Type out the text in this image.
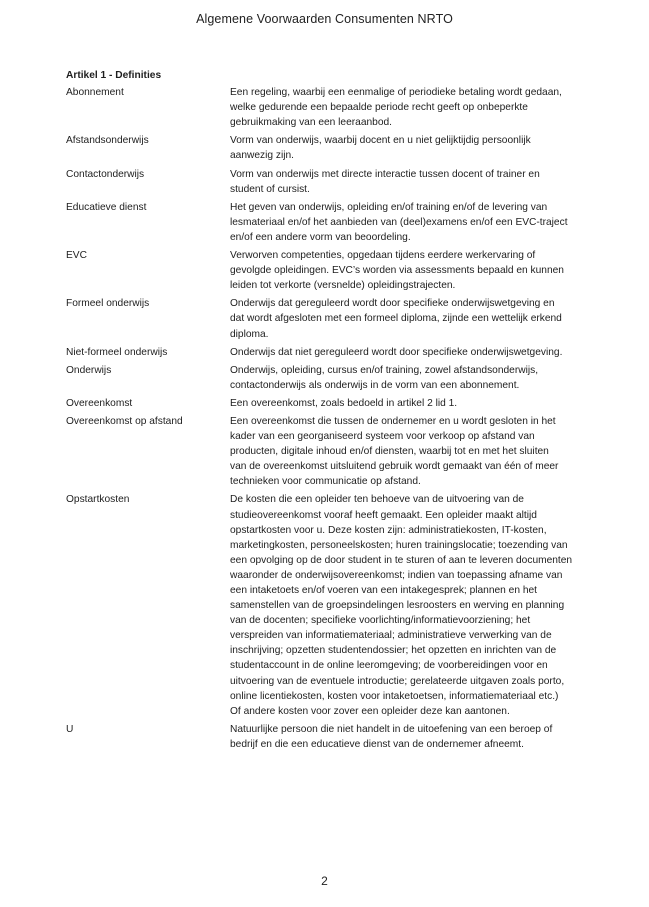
Algemene Voorwaarden Consumenten NRTO
Artikel 1 - Definities
Abonnement	Een regeling, waarbij een eenmalige of periodieke betaling wordt gedaan,
welke gedurende een bepaalde periode recht geeft op onbeperkte
gebruikmaking van een leeraanbod.
Afstandsonderwijs	Vorm van onderwijs, waarbij docent en u niet gelijktijdig persoonlijk
aanwezig zijn.
Contactonderwijs	Vorm van onderwijs met directe interactie tussen docent of trainer en
student of cursist.
Educatieve dienst	Het geven van onderwijs, opleiding en/of training en/of de levering van
lesmateriaal en/of het aanbieden van (deel)examens en/of een EVC-traject
en/of een andere vorm van beoordeling.
EVC	Verworven competenties, opgedaan tijdens eerdere werkervaring of
gevolgde opleidingen. EVC’s worden via assessments bepaald en kunnen
leiden tot verkorte (versnelde) opleidingstrajecten.
Formeel onderwijs	Onderwijs dat gereguleerd wordt door specifieke onderwijswetgeving en
dat wordt afgesloten met een formeel diploma, zijnde een wettelijk erkend
diploma.
Niet-formeel onderwijs	Onderwijs dat niet gereguleerd wordt door specifieke onderwijswetgeving.
Onderwijs	Onderwijs, opleiding, cursus en/of training, zowel afstandsonderwijs,
contactonderwijs als onderwijs in de vorm van een abonnement.
Overeenkomst	Een overeenkomst, zoals bedoeld in artikel 2 lid 1.
Overeenkomst op afstand	Een overeenkomst die tussen de ondernemer en u wordt gesloten in het
kader van een georganiseerd systeem voor verkoop op afstand van
producten, digitale inhoud en/of diensten, waarbij tot en met het sluiten
van de overeenkomst uitsluitend gebruik wordt gemaakt van één of meer
technieken voor communicatie op afstand.
Opstartkosten	De kosten die een opleider ten behoeve van de uitvoering van de
studieovereenkomst vooraf heeft gemaakt. Een opleider maakt altijd
opstartkosten voor u. Deze kosten zijn: administratiekosten, IT-kosten,
marketingkosten, personeelskosten; huren trainingslocatie; toezending van
een opvolging op de door student in te sturen of aan te leveren documenten
waaronder de onderwijsovereenkomst; indien van toepassing afname van
een intaketoets en/of voeren van een intakegesprek; plannen en het
samenstellen van de groepsindelingen lesroosters en werving en planning
van de docenten; specifieke voorlichting/informatievoorziening; het
verspreiden van informatiemateriaal; administratieve verwerking van de
inschrijving; opzetten studentendossier; het opzetten en inrichten van de
studentaccount in de online leeromgeving; de voorbereidingen voor en
uitvoering van de eventuele introductie; gerelateerde uitgaven zoals porto,
online licentiekosten, kosten voor intaketoetsen, informatiemateriaal etc.)
Of andere kosten voor zover een opleider deze kan aantonen.
U	Natuurlijke persoon die niet handelt in de uitoefening van een beroep of
bedrijf en die een educatieve dienst van de ondernemer afneemt.
2
